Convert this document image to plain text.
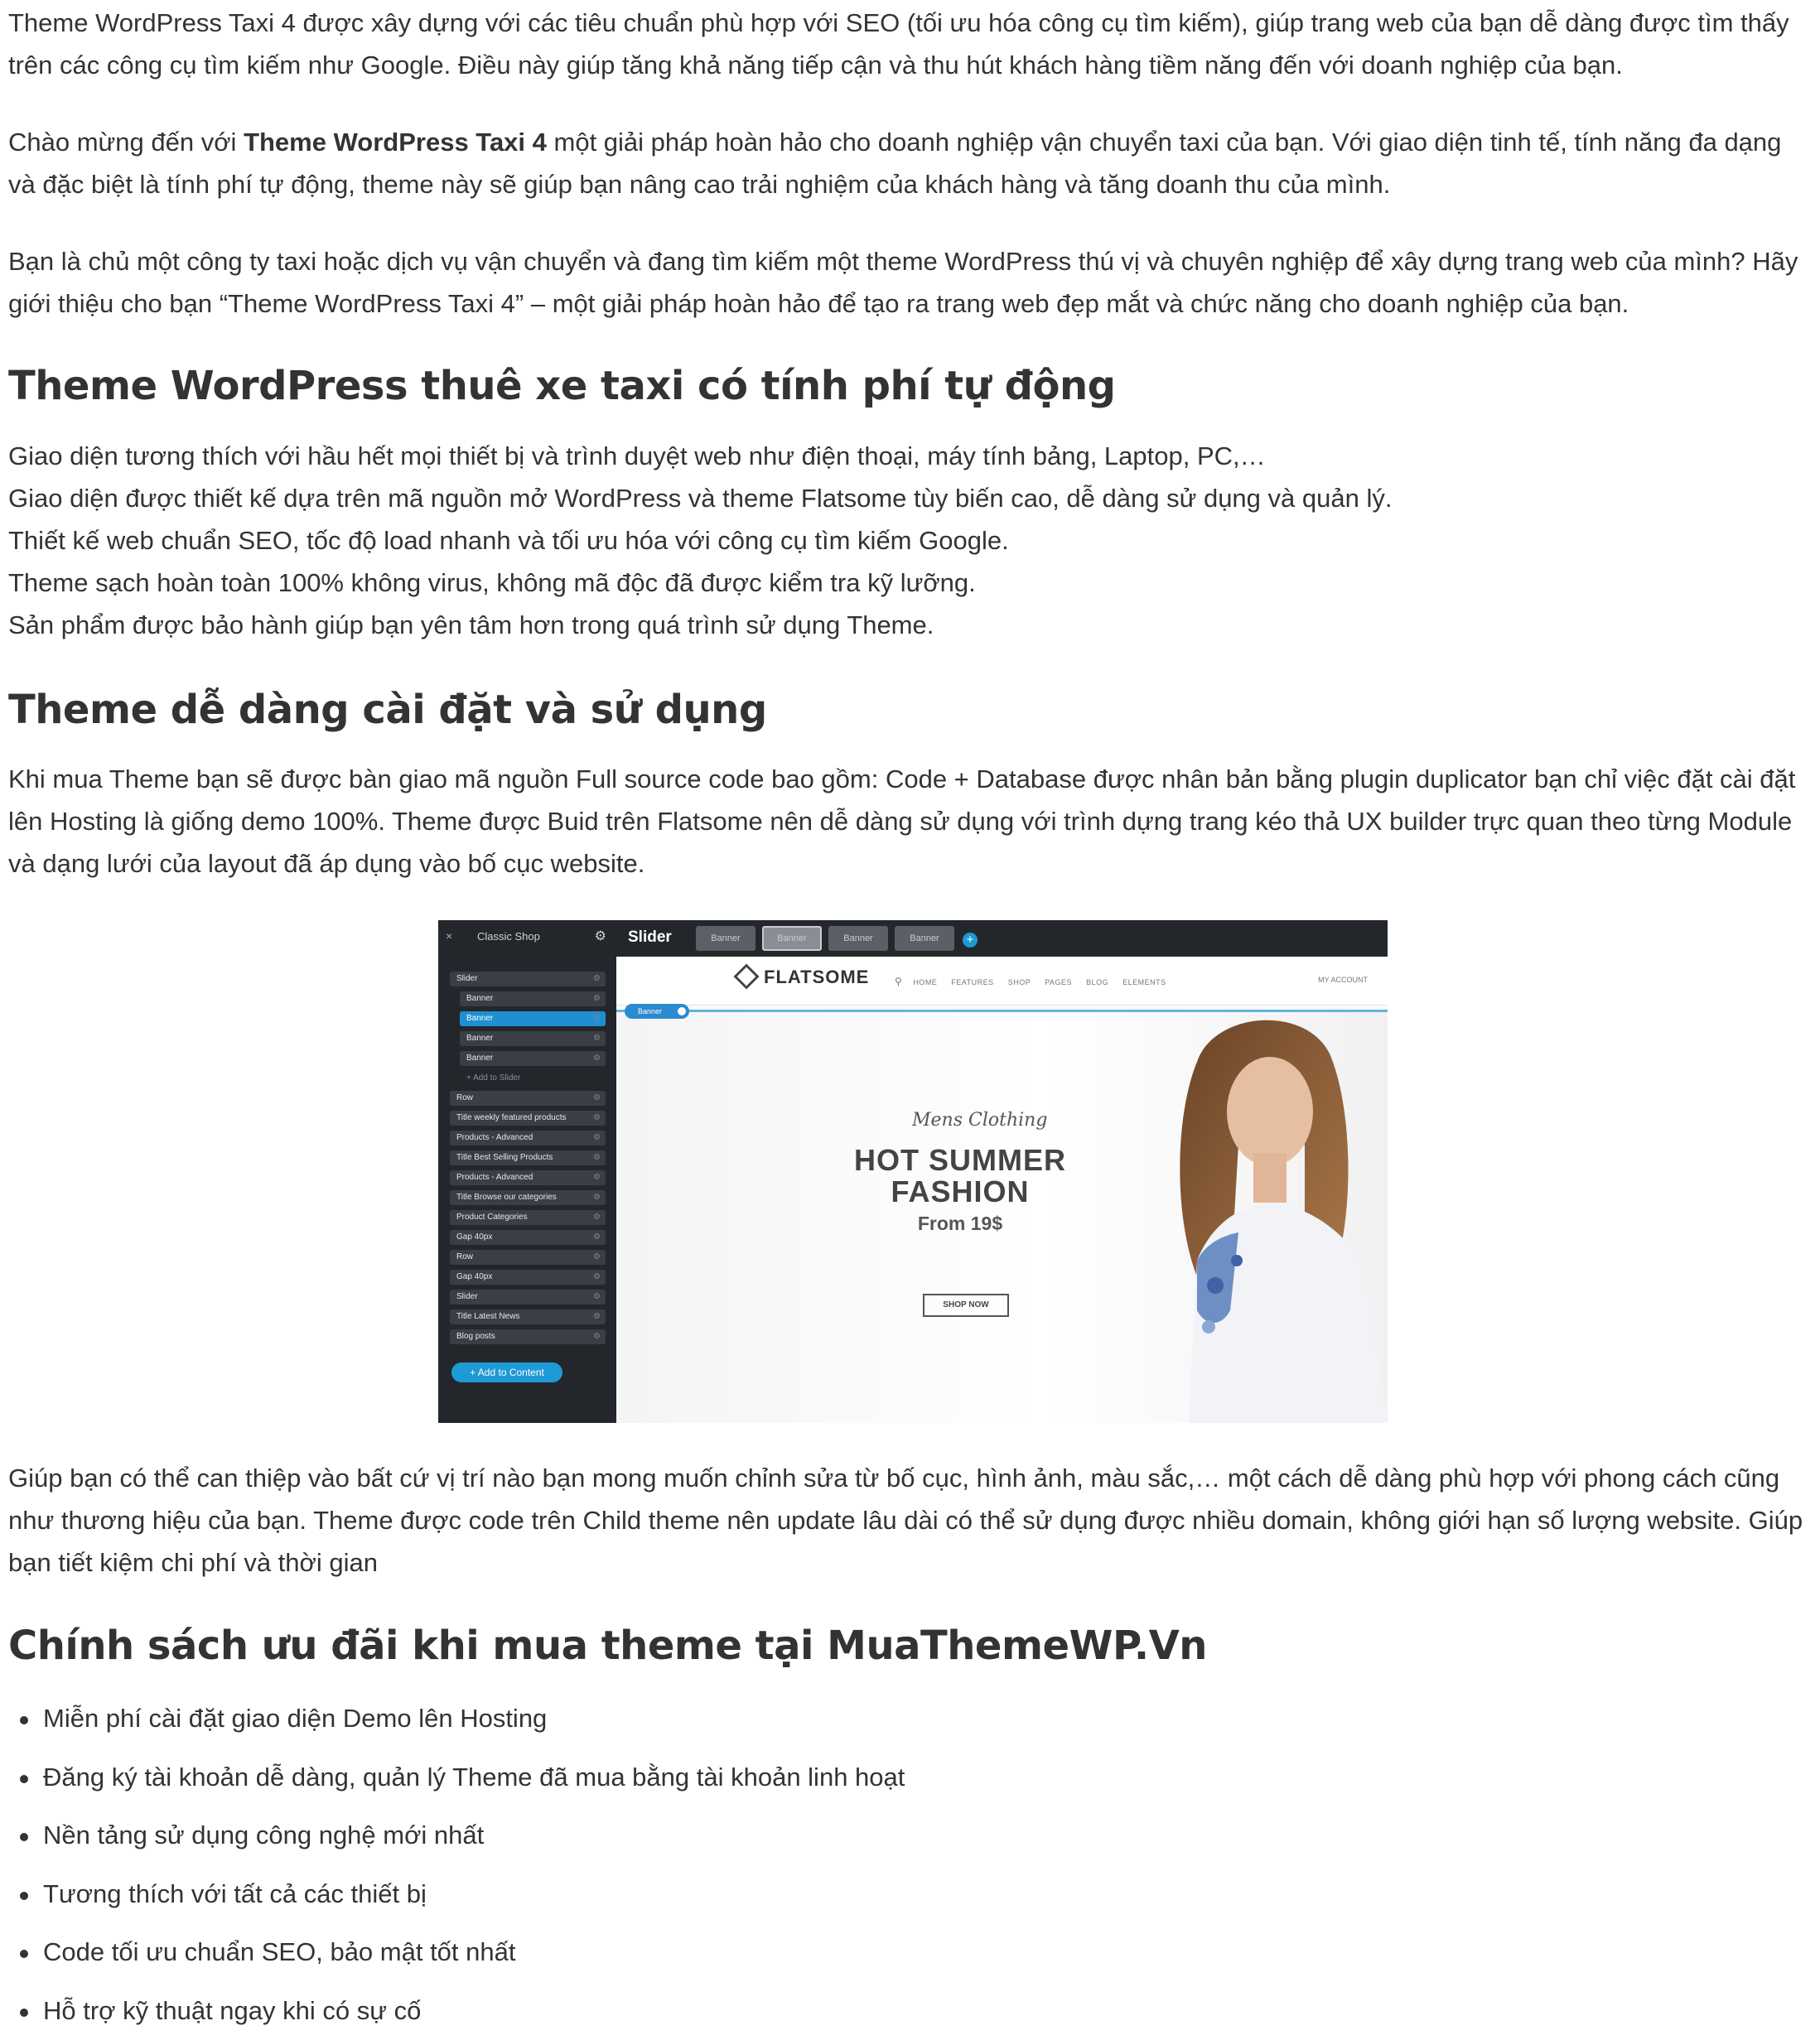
Theme WordPress Taxi 4 được xây dựng với các tiêu chuẩn phù hợp với SEO (tối ưu hóa công cụ tìm kiếm), giúp trang web của bạn dễ dàng được tìm thấy trên các công cụ tìm kiếm như Google. Điều này giúp tăng khả năng tiếp cận và thu hút khách hàng tiềm năng đến với doanh nghiệp của bạn.

Chào mừng đến với Theme WordPress Taxi 4 một giải pháp hoàn hảo cho doanh nghiệp vận chuyển taxi của bạn. Với giao diện tinh tế, tính năng đa dạng và đặc biệt là tính phí tự động, theme này sẽ giúp bạn nâng cao trải nghiệm của khách hàng và tăng doanh thu của mình.

Bạn là chủ một công ty taxi hoặc dịch vụ vận chuyển và đang tìm kiếm một theme WordPress thú vị và chuyên nghiệp để xây dựng trang web của mình? Hãy giới thiệu cho bạn “Theme WordPress Taxi 4” – một giải pháp hoàn hảo để tạo ra trang web đẹp mắt và chức năng cho doanh nghiệp của bạn.

Theme WordPress thuê xe taxi có tính phí tự động
Giao diện tương thích với hầu hết mọi thiết bị và trình duyệt web như điện thoại, máy tính bảng, Laptop, PC,…
Giao diện được thiết kế dựa trên mã nguồn mở WordPress và theme Flatsome tùy biến cao, dễ dàng sử dụng và quản lý.
Thiết kế web chuẩn SEO, tốc độ load nhanh và tối ưu hóa với công cụ tìm kiếm Google.
Theme sạch hoàn toàn 100% không virus, không mã độc đã được kiểm tra kỹ lưỡng.
Sản phẩm được bảo hành giúp bạn yên tâm hơn trong quá trình sử dụng Theme.
Theme dễ dàng cài đặt và sử dụng

Khi mua Theme bạn sẽ được bàn giao mã nguồn Full source code bao gồm: Code + Database được nhân bản bằng plugin duplicator bạn chỉ việc đặt cài đặt lên Hosting là giống demo 100%. Theme được Buid trên Flatsome nên dễ dàng sử dụng với trình dựng trang kéo thả UX builder trực quan theo từng Module và dạng lưới của layout đã áp dụng vào bố cục website.

Giúp bạn có thể can thiệp vào bất cứ vị trí nào bạn mong muốn chỉnh sửa từ bố cục, hình ảnh, màu sắc,… một cách dễ dàng phù hợp với phong cách cũng như thương hiệu của bạn. Theme được code trên Child theme nên update lâu dài có thể sử dụng được nhiều domain, không giới hạn số lượng website. Giúp bạn tiết kiệm chi phí và thời gian

Chính sách ưu đãi khi mua theme tại MuaThemeWP.Vn
Miễn phí cài đặt giao diện Demo lên Hosting
Đăng ký tài khoản dễ dàng, quản lý Theme đã mua bằng tài khoản linh hoạt
Nền tảng sử dụng công nghệ mới nhất
Tương thích với tất cả các thiết bị
Code tối ưu chuẩn SEO, bảo mật tốt nhất
Hỗ trợ kỹ thuật ngay khi có sự cố
× Classic Shop	⚙
Slider ⚙
Banner ⚙
Banner ⚙
Banner ⚙
Banner ⚙
+ Add to Slider
Row ⚙
Title weekly featured products ⚙
Products - Advanced ⚙
Title Best Selling Products ⚙
Products - Advanced ⚙
Title Browse our categories ⚙
Product Categories ⚙
Gap 40px ⚙
Row ⚙
Gap 40px ⚙
Slider ⚙
Title Latest News ⚙
Blog posts ⚙
+ Add to Content
Slider	Banner	Banner	Banner	Banner	+
FLATSOME	⚲ HOME FEATURES SHOP PAGES BLOG ELEMENTS	MY ACCOUNT
Mens Clothing
HOT SUMMER
FASHION
From 19$
SHOP NOW
Banner
